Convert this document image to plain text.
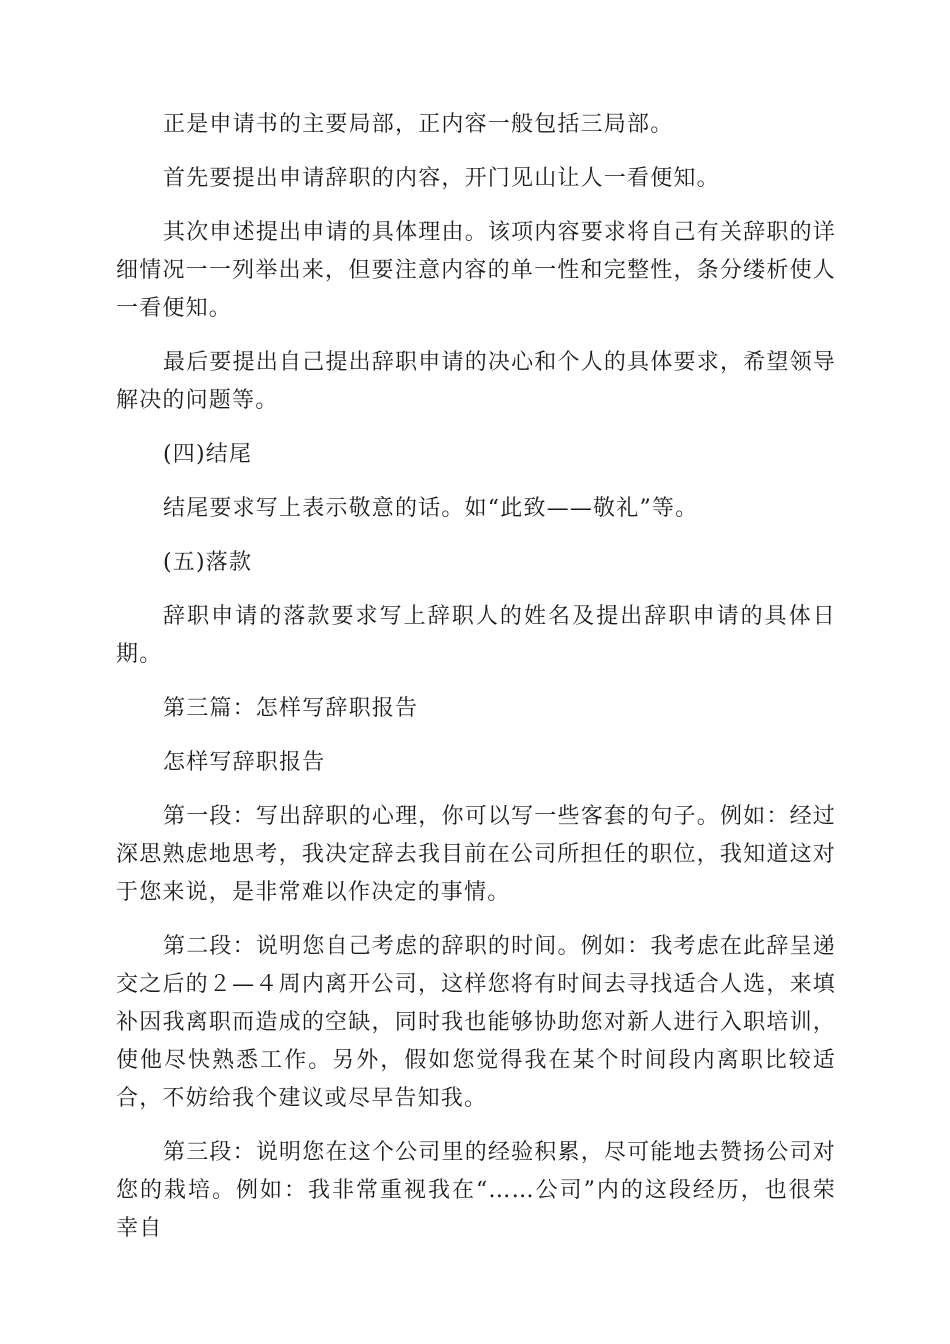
正是申请书的主要局部，正内容一般包括三局部。

首先要提出申请辞职的内容，开门见山让人一看便知。

其次申述提出申请的具体理由。该项内容要求将自己有关辞职的详细情况一一列举出来，但要注意内容的单一性和完整性，条分缕析使人一看便知。

最后要提出自己提出辞职申请的决心和个人的具体要求，希望领导解决的问题等。

(四)结尾

结尾要求写上表示敬意的话。如“此致——敬礼”等。

(五)落款

辞职申请的落款要求写上辞职人的姓名及提出辞职申请的具体日期。

第三篇：怎样写辞职报告

怎样写辞职报告

第一段：写出辞职的心理，你可以写一些客套的句子。例如：经过深思熟虑地思考，我决定辞去我目前在公司所担任的职位，我知道这对于您来说，是非常难以作决定的事情。

第二段：说明您自己考虑的辞职的时间。例如：我考虑在此辞呈递交之后的２—４周内离开公司，这样您将有时间去寻找适合人选，来填补因我离职而造成的空缺，同时我也能够协助您对新人进行入职培训，使他尽快熟悉工作。另外，假如您觉得我在某个时间段内离职比较适合，不妨给我个建议或尽早告知我。

第三段：说明您在这个公司里的经验积累，尽可能地去赞扬公司对您的栽培。例如：我非常重视我在“……公司”内的这段经历，也很荣幸自
